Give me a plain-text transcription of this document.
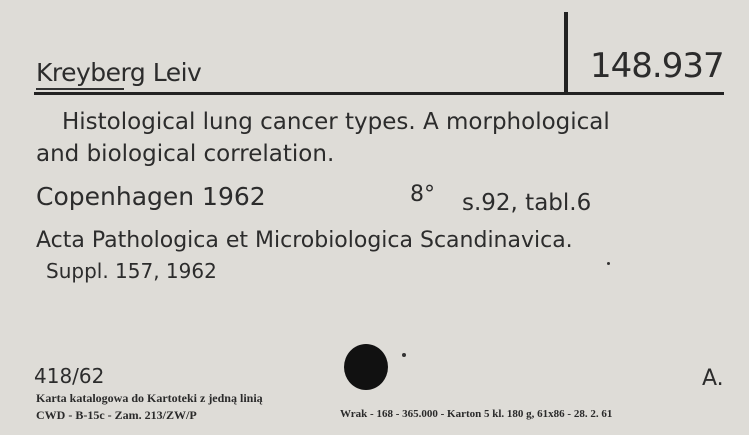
Kreyberg Leiv	148.937
Histological lung cancer types. A morphological
and biological correlation.
Copenhagen 1962	8° s.92, tabl.6
Acta Pathologica et Microbiologica Scandinavica.
Suppl. 157, 1962
418/62	A.
Karta katalogowa do Kartoteki z jedną linią
CWD - B-15c - Zam. 213/ZW/P	Wrak - 168 - 365.000 - Karton 5 kl. 180 g, 61x86 - 28. 2. 61
